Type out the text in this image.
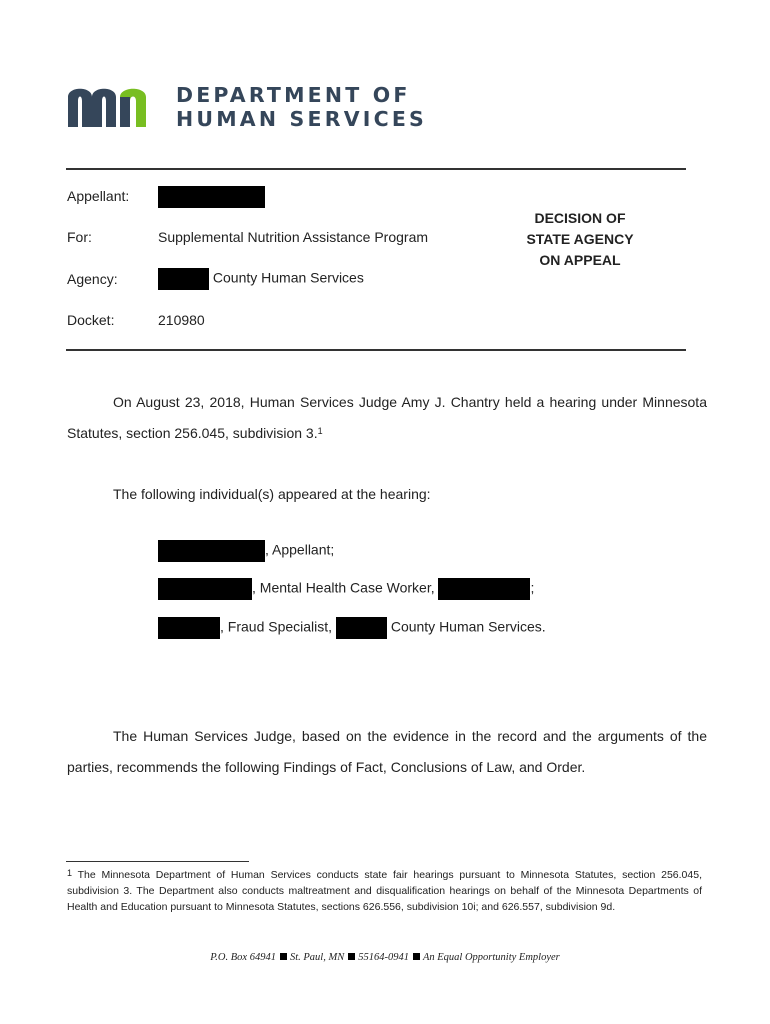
DEPARTMENT OF
HUMAN SERVICES
Appellant:
For:	Supplemental Nutrition Assistance Program
Agency:	County Human Services
Docket:	210980
DECISION OF
STATE AGENCY
ON APPEAL
On August 23, 2018, Human Services Judge Amy J. Chantry held a hearing under Minnesota Statutes, section 256.045, subdivision 3.$^1$
The following individual(s) appeared at the hearing:
, Appellant;
, Mental Health Case Worker,	;
, Fraud Specialist,	County Human Services.
The Human Services Judge, based on the evidence in the record and the arguments of the parties, recommends the following Findings of Fact, Conclusions of Law, and Order.
$^1$ The Minnesota Department of Human Services conducts state fair hearings pursuant to Minnesota Statutes, section 256.045, subdivision 3. The Department also conducts maltreatment and disqualification hearings on behalf of the Minnesota Departments of Health and Education pursuant to Minnesota Statutes, sections 626.556, subdivision 10i; and 626.557, subdivision 9d.
P.O. Box 64941 St. Paul, MN 55164-0941 An Equal Opportunity Employer
